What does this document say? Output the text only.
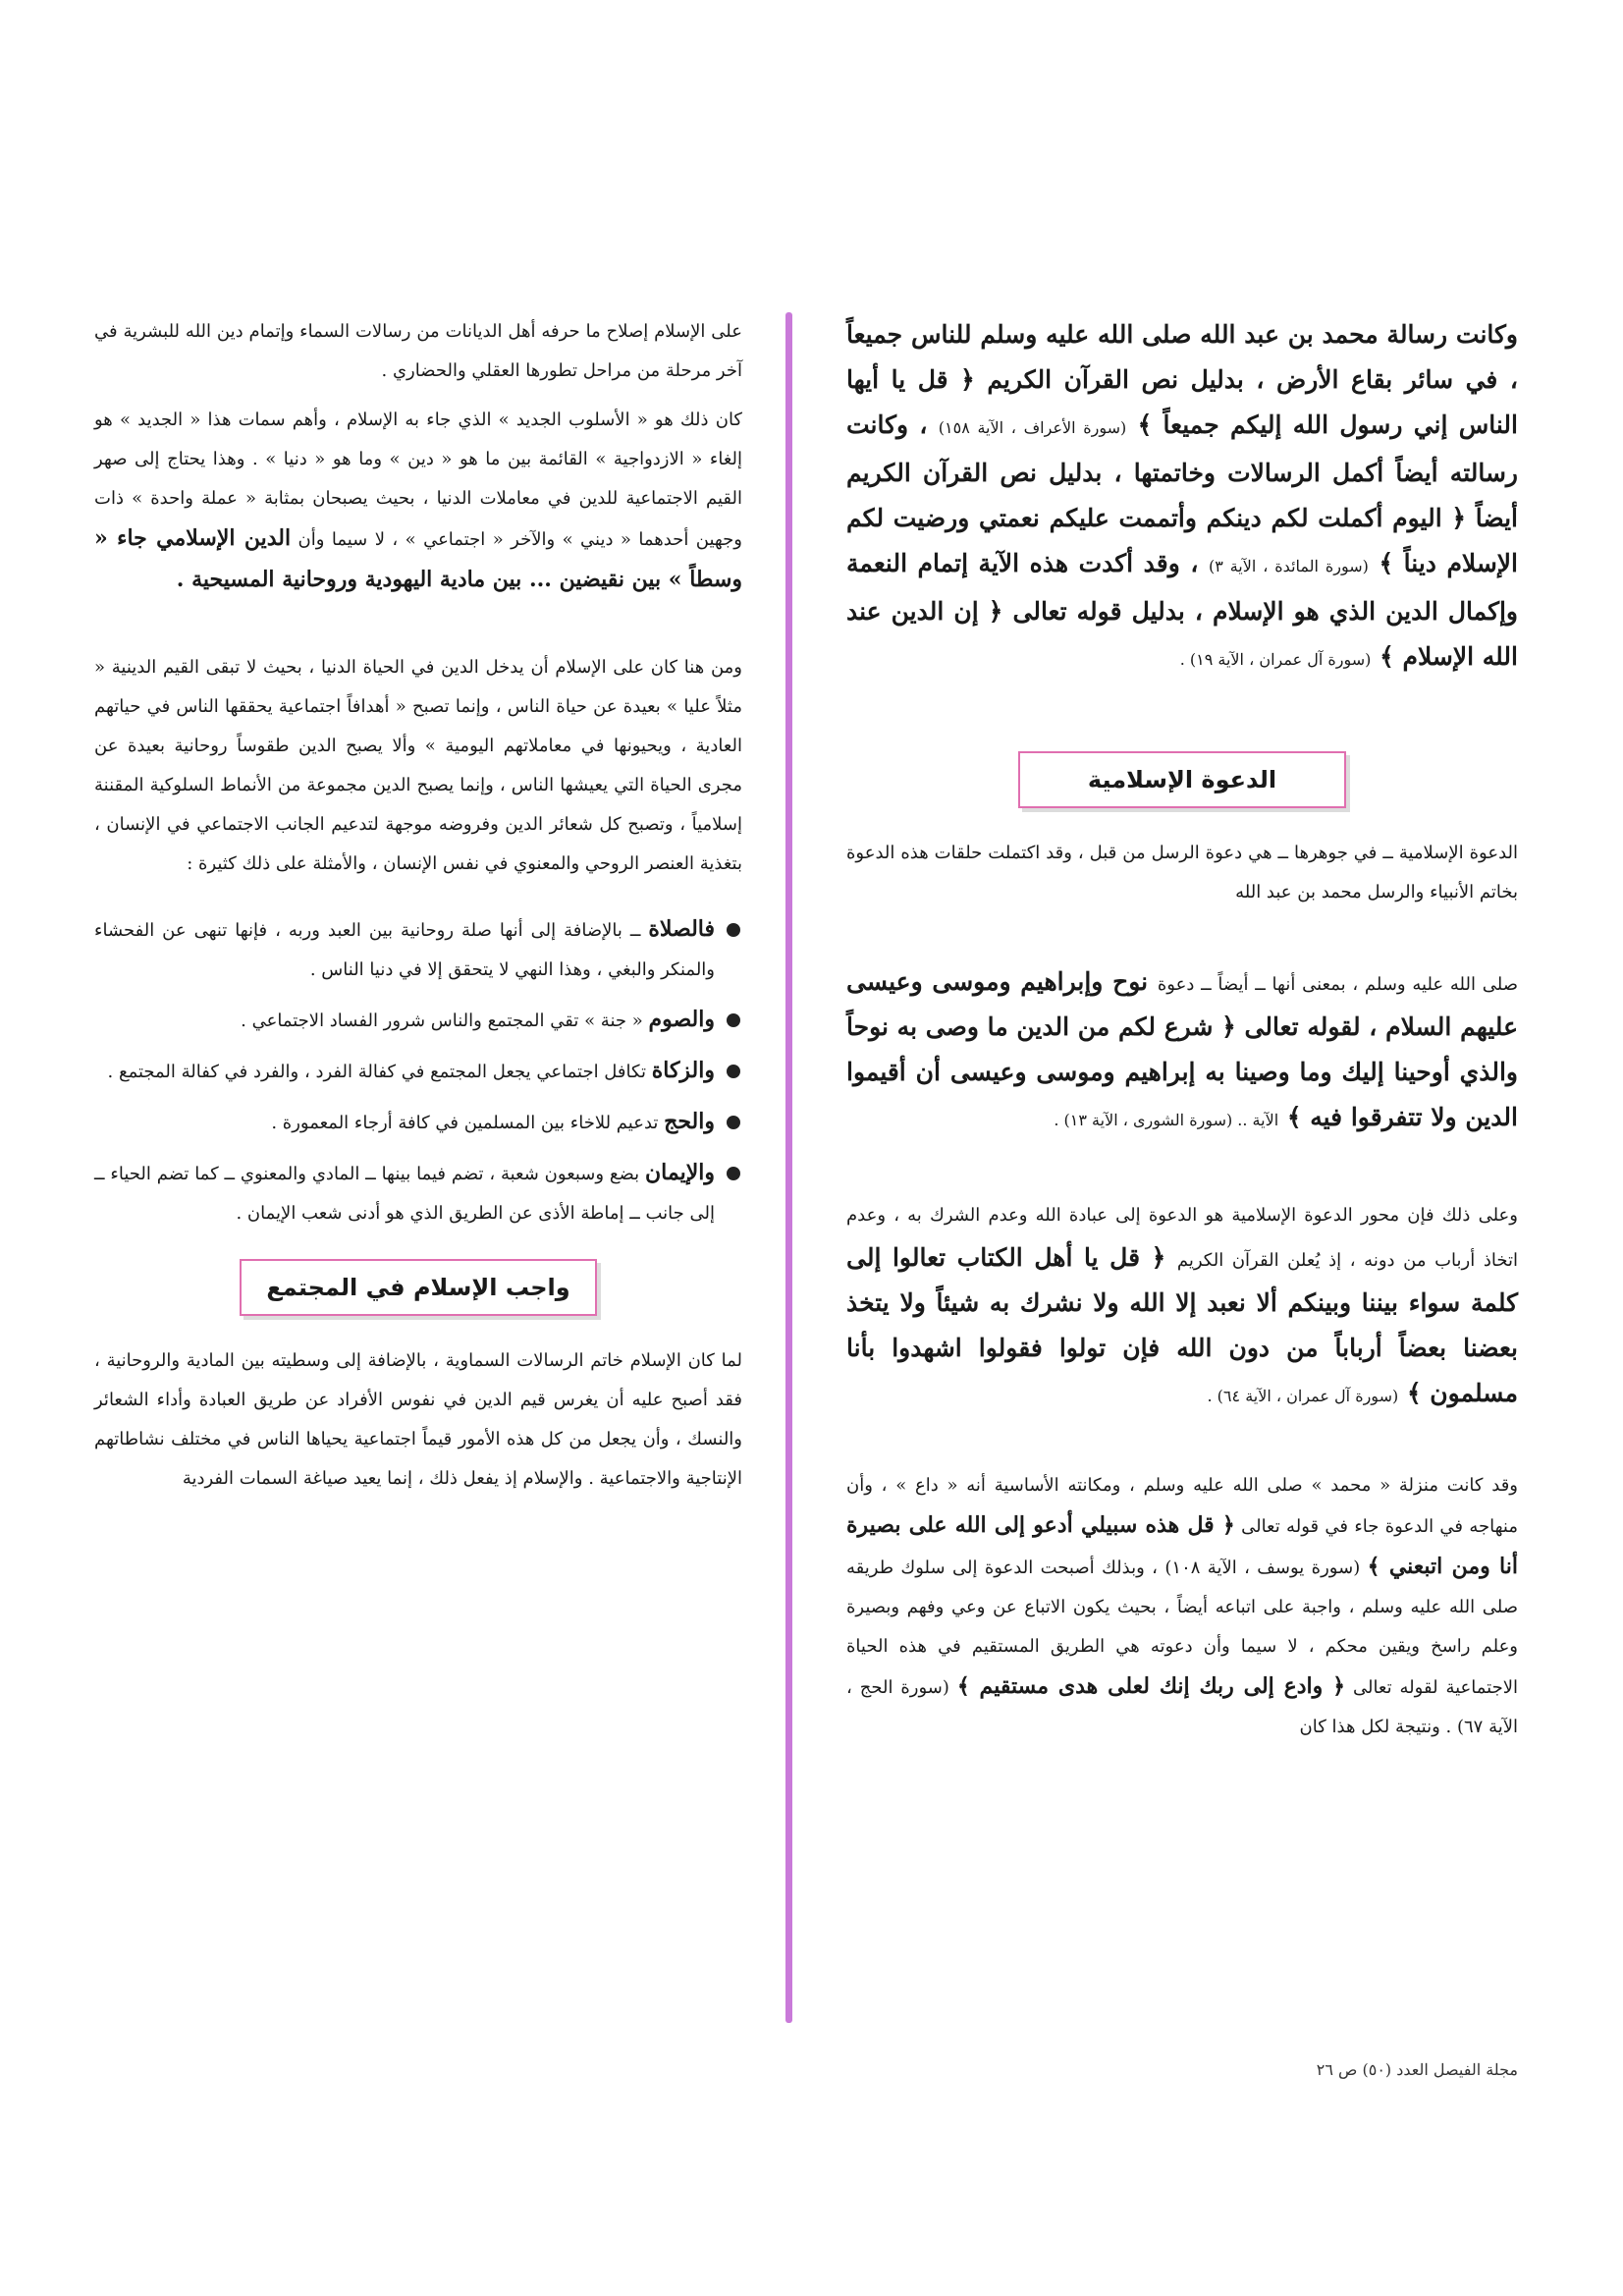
وكانت رسالة محمد بن عبد الله صلى الله عليه وسلم للناس جميعاً ، في سائر بقاع الأرض ، بدليل نص القرآن الكريم ﴿ قل يا أيها الناس إني رسول الله إليكم جميعاً ﴾ (سورة الأعراف ، الآية ١٥٨) ، وكانت رسالته أيضاً أكمل الرسالات وخاتمتها ، بدليل نص القرآن الكريم أيضاً ﴿ اليوم أكملت لكم دينكم وأتممت عليكم نعمتي ورضيت لكم الإسلام ديناً ﴾ (سورة المائدة ، الآية ٣) ، وقد أكدت هذه الآية إتمام النعمة وإكمال الدين الذي هو الإسلام ، بدليل قوله تعالى ﴿ إن الدين عند الله الإسلام ﴾ (سورة آل عمران ، الآية ١٩) .

الدعوة الإسلامية

الدعوة الإسلامية ــ في جوهرها ــ هي دعوة الرسل من قبل ، وقد اكتملت حلقات هذه الدعوة بخاتم الأنبياء والرسل محمد بن عبد الله

صلى الله عليه وسلم ، بمعنى أنها ــ أيضاً ــ دعوة نوح وإبراهيم وموسى وعيسى عليهم السلام ، لقوله تعالى ﴿ شرع لكم من الدين ما وصى به نوحاً والذي أوحينا إليك وما وصينا به إبراهيم وموسى وعيسى أن أقيموا الدين ولا تتفرقوا فيه ﴾ الآية .. (سورة الشورى ، الآية ١٣) .

وعلى ذلك فإن محور الدعوة الإسلامية هو الدعوة إلى عبادة الله وعدم الشرك به ، وعدم اتخاذ أرباب من دونه ، إذ يُعلن القرآن الكريم ﴿ قل يا أهل الكتاب تعالوا إلى كلمة سواء بيننا وبينكم ألا نعبد إلا الله ولا نشرك به شيئاً ولا يتخذ بعضنا بعضاً أرباباً من دون الله فإن تولوا فقولوا اشهدوا بأنا مسلمون ﴾ (سورة آل عمران ، الآية ٦٤) .

وقد كانت منزلة « محمد » صلى الله عليه وسلم ، ومكانته الأساسية أنه « داع » ، وأن منهاجه في الدعوة جاء في قوله تعالى ﴿ قل هذه سبيلي أدعو إلى الله على بصيرة أنا ومن اتبعني ﴾ (سورة يوسف ، الآية ١٠٨) ، وبذلك أصبحت الدعوة إلى سلوك طريقه صلى الله عليه وسلم ، واجبة على اتباعه أيضاً ، بحيث يكون الاتباع عن وعي وفهم وبصيرة وعلم راسخ ويقين محكم ، لا سيما وأن دعوته هي الطريق المستقيم في هذه الحياة الاجتماعية لقوله تعالى ﴿ وادع إلى ربك إنك لعلى هدى مستقيم ﴾ (سورة الحج ، الآية ٦٧) . ونتيجة لكل هذا كان

على الإسلام إصلاح ما حرفه أهل الديانات من رسالات السماء وإتمام دين الله للبشرية في آخر مرحلة من مراحل تطورها العقلي والحضاري .

كان ذلك هو « الأسلوب الجديد » الذي جاء به الإسلام ، وأهم سمات هذا « الجديد » هو إلغاء « الازدواجية » القائمة بين ما هو « دين » وما هو « دنيا » . وهذا يحتاج إلى صهر القيم الاجتماعية للدين في معاملات الدنيا ، بحيث يصبحان بمثابة « عملة واحدة » ذات وجهين أحدهما « ديني » والآخر « اجتماعي » ، لا سيما وأن الدين الإسلامي جاء « وسطاً » بين نقيضين ... بين مادية اليهودية وروحانية المسيحية .

ومن هنا كان على الإسلام أن يدخل الدين في الحياة الدنيا ، بحيث لا تبقى القيم الدينية « مثلاً عليا » بعيدة عن حياة الناس ، وإنما تصبح « أهدافاً اجتماعية يحققها الناس في حياتهم العادية ، ويحيونها في معاملاتهم اليومية » وألا يصبح الدين طقوساً روحانية بعيدة عن مجرى الحياة التي يعيشها الناس ، وإنما يصبح الدين مجموعة من الأنماط السلوكية المقننة إسلامياً ، وتصبح كل شعائر الدين وفروضه موجهة لتدعيم الجانب الاجتماعي في الإنسان ، بتغذية العنصر الروحي والمعنوي في نفس الإنسان ، والأمثلة على ذلك كثيرة :

فالصلاة ــ بالإضافة إلى أنها صلة روحانية بين العبد وربه ، فإنها تنهى عن الفحشاء والمنكر والبغي ، وهذا النهي لا يتحقق إلا في دنيا الناس .

والصوم « جنة » تقي المجتمع والناس شرور الفساد الاجتماعي .

والزكاة تكافل اجتماعي يجعل المجتمع في كفالة الفرد ، والفرد في كفالة المجتمع .

والحج تدعيم للاخاء بين المسلمين في كافة أرجاء المعمورة .

والإيمان بضع وسبعون شعبة ، تضم فيما بينها ــ المادي والمعنوي ــ كما تضم الحياء ــ إلى جانب ــ إماطة الأذى عن الطريق الذي هو أدنى شعب الإيمان .

واجب الإسلام في المجتمع

لما كان الإسلام خاتم الرسالات السماوية ، بالإضافة إلى وسطيته بين المادية والروحانية ، فقد أصبح عليه أن يغرس قيم الدين في نفوس الأفراد عن طريق العبادة وأداء الشعائر والنسك ، وأن يجعل من كل هذه الأمور قيماً اجتماعية يحياها الناس في مختلف نشاطاتهم الإنتاجية والاجتماعية . والإسلام إذ يفعل ذلك ، إنما يعيد صياغة السمات الفردية

مجلة الفيصل العدد (٥٠) ص ٢٦
